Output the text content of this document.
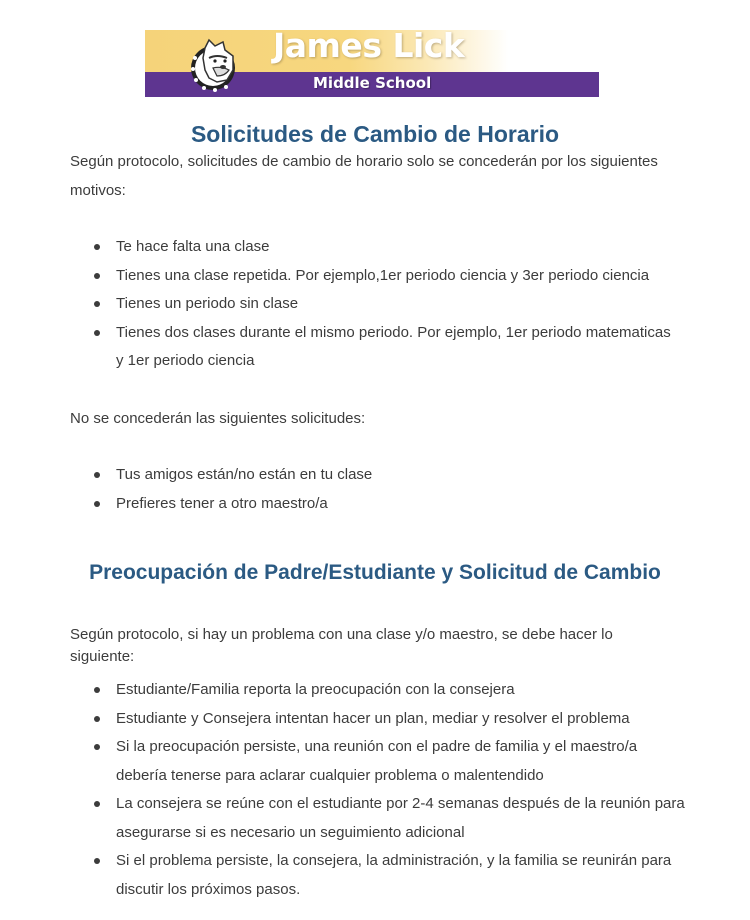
James Lick
Middle School
Solicitudes de Cambio de Horario

Según protocolo, solicitudes de cambio de horario solo se concederán por los siguientes motivos:

Te hace falta una clase
Tienes una clase repetida. Por ejemplo,1er periodo ciencia y 3er periodo ciencia
Tienes un periodo sin clase
Tienes dos clases durante el mismo periodo. Por ejemplo, 1er periodo matematicas y 1er periodo ciencia

No se concederán las siguientes solicitudes:

Tus amigos están/no están en tu clase
Prefieres tener a otro maestro/a
Preocupación de Padre/Estudiante y Solicitud de Cambio

Según protocolo, si hay un problema con una clase y/o maestro, se debe hacer lo siguiente:

Estudiante/Familia reporta la preocupación con la consejera
Estudiante y Consejera intentan hacer un plan, mediar y resolver el problema
Si la preocupación persiste, una reunión con el padre de familia y el maestro/a debería tenerse para aclarar cualquier problema o malentendido
La consejera se reúne con el estudiante por 2-4 semanas después de la reunión para asegurarse si es necesario un seguimiento adicional
Si el problema persiste, la consejera, la administración, y la familia se reunirán para discutir los próximos pasos.
